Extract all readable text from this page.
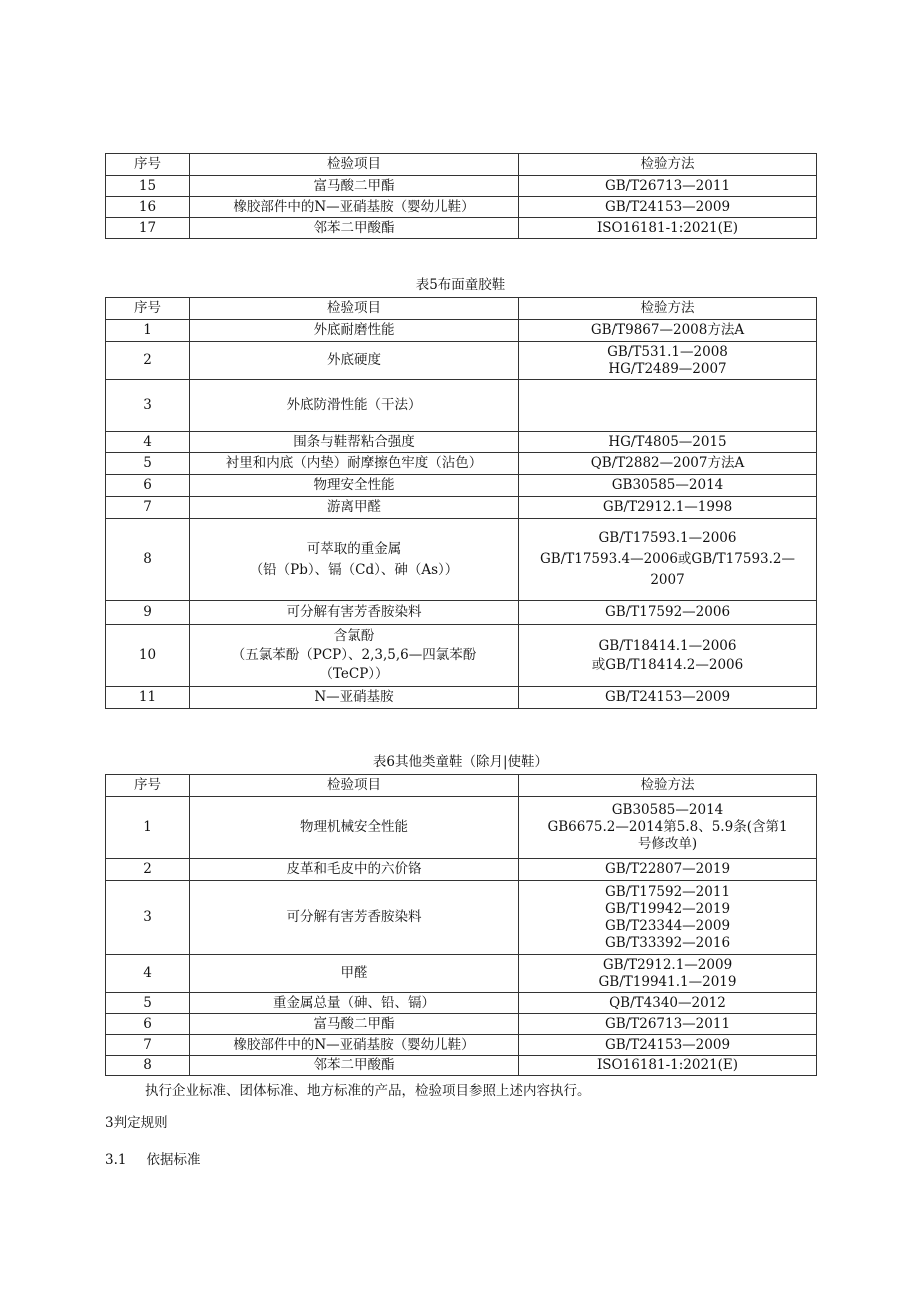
序号	检验项目	检验方法
15	富马酸二甲酯	GB/T26713—2011
16	橡胶部件中的N—亚硝基胺（婴幼儿鞋）	GB/T24153—2009
17	邻苯二甲酸酯	ISO16181-1:2021(E)
表5布面童胶鞋
序号	检验项目	检验方法
1	外底耐磨性能	GB/T9867—2008方法A
2	外底硬度	GB/T531.1—2008
HG/T2489—2007

3	外底防滑性能（干法）	
4	围条与鞋帮粘合强度	HG/T4805—2015
5	衬里和内底（内垫）耐摩擦色牢度（沾色）	QB/T2882—2007方法A
6	物理安全性能	GB30585—2014
7	游离甲醛	GB/T2912.1—1998
8	可萃取的重金属
（铅（Pb）、镉（Cd）、砷（As））	GB/T17593.1—2006
GB/T17593.4—2006或GB/T17593.2—2007

9	可分解有害芳香胺染料	GB/T17592—2006
10	含氯酚
（五氯苯酚（PCP）、2,3,5,6—四氯苯酚
（TeCP））	GB/T18414.1—2006
或GB/T18414.2—2006

11	N—亚硝基胺	GB/T24153—2009
表6其他类童鞋（除月|使鞋）
序号	检验项目	检验方法
1	物理机械安全性能	GB30585—2014
GB6675.2—2014第5.8、5.9条(含第1
号修改单)

2	皮革和毛皮中的六价铬	GB/T22807—2019
3	可分解有害芳香胺染料	GB/T17592—2011
GB/T19942—2019
GB/T23344—2009
GB/T33392—2016

4	甲醛	GB/T2912.1—2009
GB/T19941.1—2019

5	重金属总量（砷、铅、镉）	QB/T4340—2012
6	富马酸二甲酯	GB/T26713—2011
7	橡胶部件中的N—亚硝基胺（婴幼儿鞋）	GB/T24153—2009
8	邻苯二甲酸酯	ISO16181-1:2021(E)
执行企业标准、团体标准、地方标准的产品，检验项目参照上述内容执行。
3判定规则
3.1 依据标准
